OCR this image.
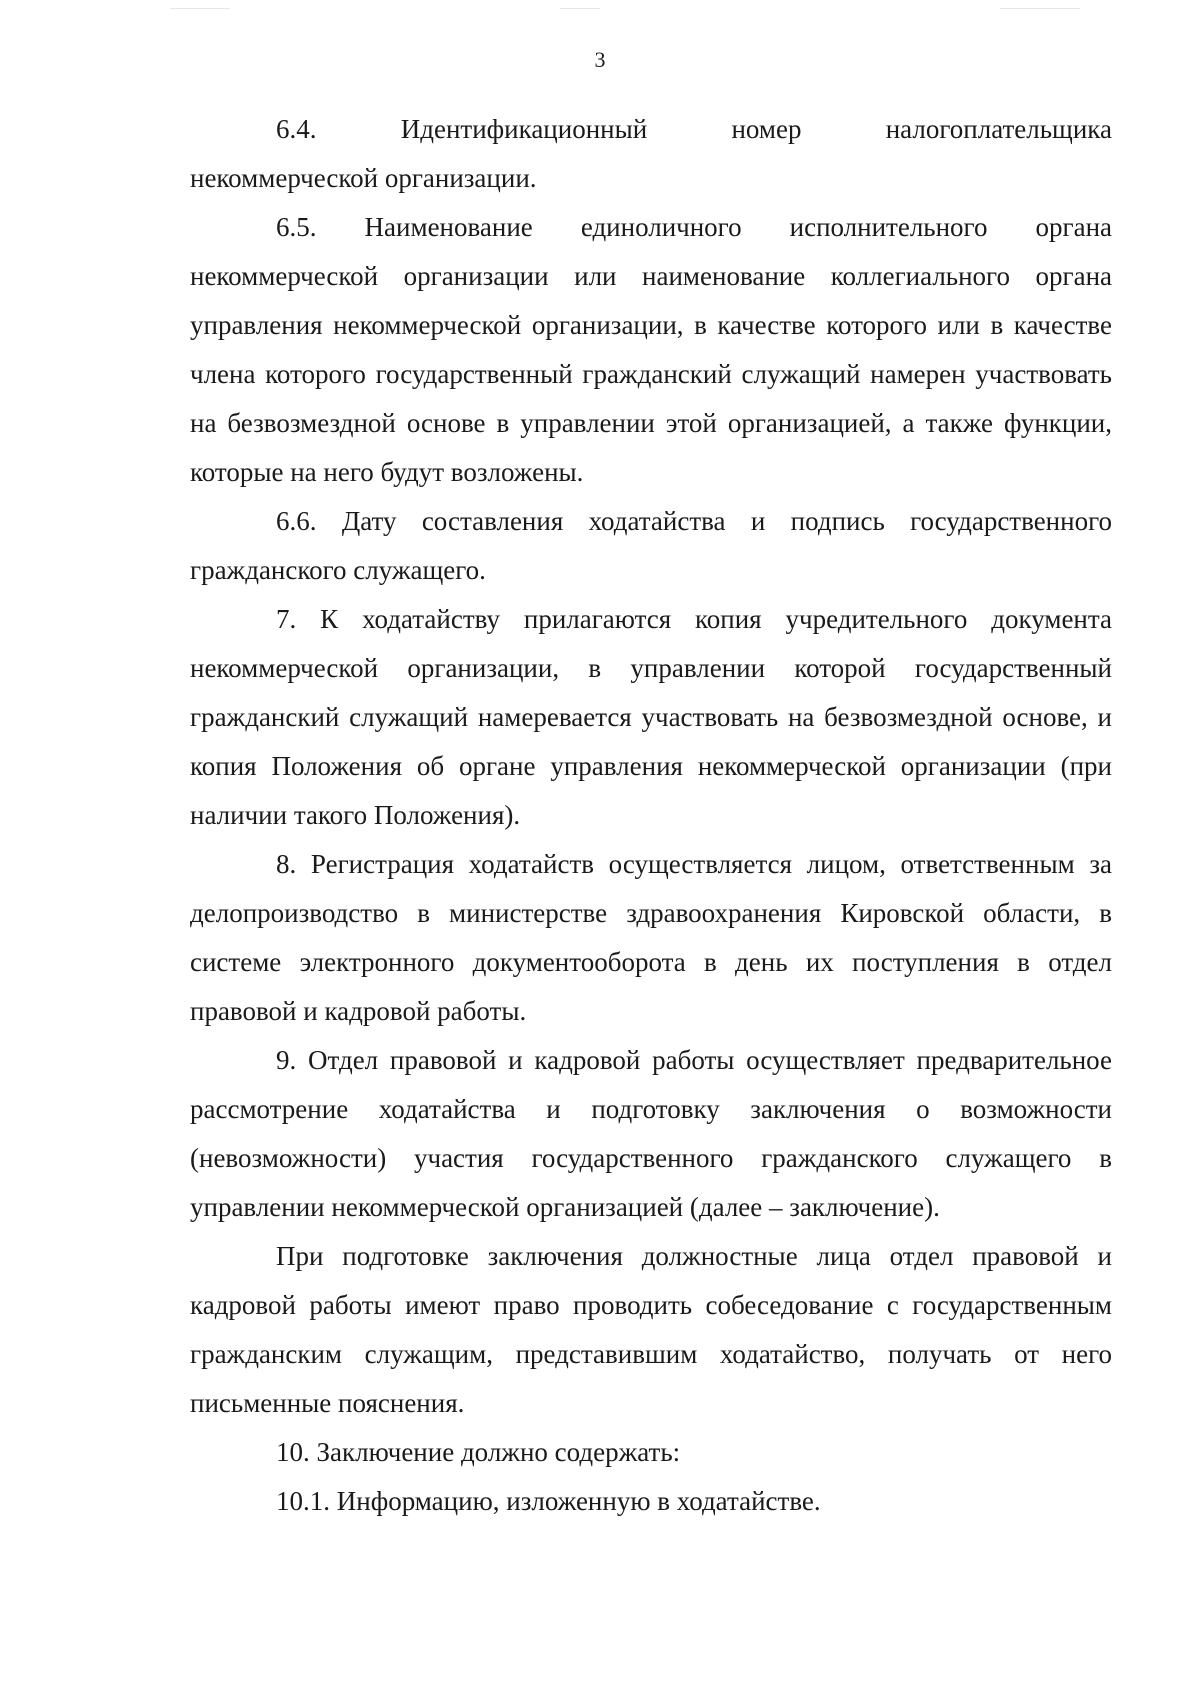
3

6.4.	Идентификационный	номер	налогоплательщика

некоммерческой организации.

6.5. Наименование единоличного исполнительного органа некоммерческой организации или наименование коллегиального органа управления некоммерческой организации, в качестве которого или в качестве члена которого государственный гражданский служащий намерен участвовать на безвозмездной основе в управлении этой организацией, а также функции, которые на него будут возложены.

6.6. Дату составления ходатайства и подпись государственного гражданского служащего.

7. К ходатайству прилагаются копия учредительного документа некоммерческой организации, в управлении которой государственный гражданский служащий намеревается участвовать на безвозмездной основе, и копия Положения об органе управления некоммерческой организации (при наличии такого Положения).

8. Регистрация ходатайств осуществляется лицом, ответственным за делопроизводство в министерстве здравоохранения Кировской области, в системе электронного документооборота в день их поступления в отдел правовой и кадровой работы.

9. Отдел правовой и кадровой работы осуществляет предварительное рассмотрение ходатайства и подготовку заключения о возможности (невозможности) участия государственного гражданского служащего в управлении некоммерческой организацией (далее – заключение).

При подготовке заключения должностные лица отдел правовой и кадровой работы имеют право проводить собеседование с государственным гражданским служащим, представившим ходатайство, получать от него письменные пояснения.

10. Заключение должно содержать:

10.1. Информацию, изложенную в ходатайстве.
